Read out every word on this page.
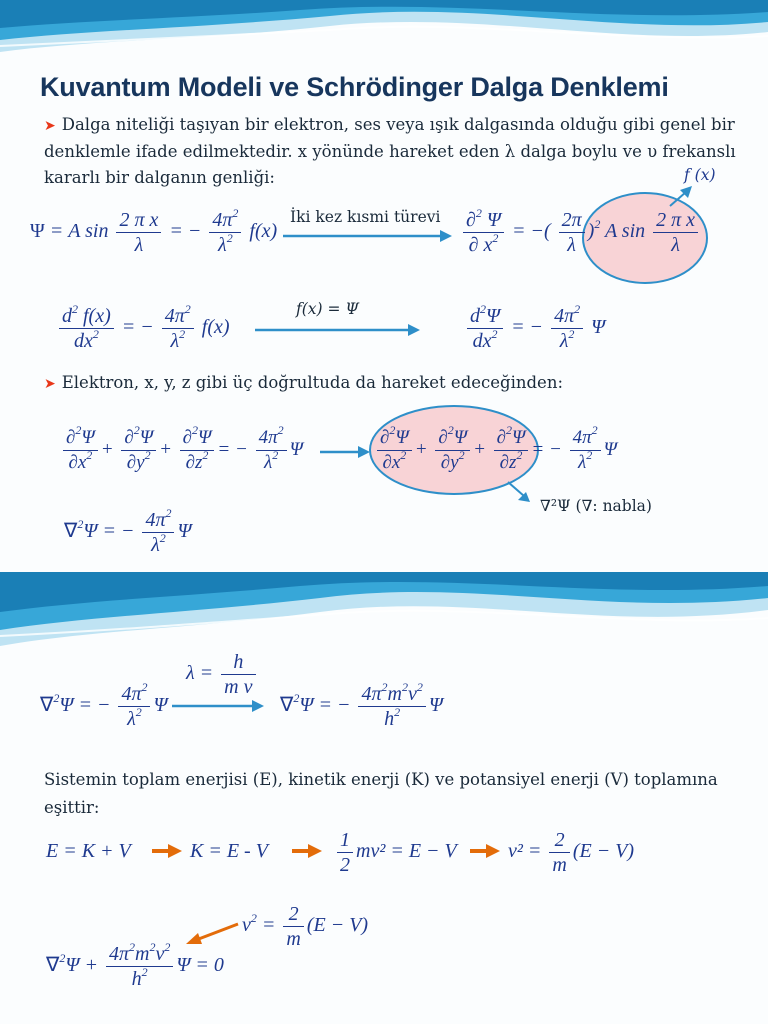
Kuvantum Modeli ve Schrödinger Dalga Denklemi
➤ Dalga niteliği taşıyan bir elektron, ses veya ışık dalgasında olduğu gibi genel bir
denklemle ifade edilmektedir. x yönünde hareket eden λ dalga boylu ve υ frekanslı
kararlı bir dalganın genliği:	f (x)
İki kez kısmi türevi
f(x) = Ψ
Ψ = A $\sin \frac{\text{2 π x}}{\lambda}$ = − $\frac{4\pi^2}{\lambda^2} f(x)$	$\frac{\partial^2 \Psi}{\partial x^2}$ = −( $\frac{2\pi}{\lambda} )^2$ A $\sin \frac{\text{2 π x}}{\lambda}$
$\frac{d^2 f(x)}{dx^2}$ = − $\frac{4\pi^2}{\lambda^2} f(x)$	$\frac{d^2\Psi}{dx^2}$ = − $\frac{4\pi^2}{\lambda^2}$ Ψ
➤ Elektron, x, y, z gibi üç doğrultuda da hareket edeceğinden:
$\frac{\partial^2\Psi}{\partial x^2} + \frac{\partial^2\Psi}{\partial y^2} + \frac{\partial^2\Psi}{\partial z^2}$ = − $\frac{4\pi^2}{\lambda^2}$ Ψ	$\frac{\partial^2\Psi}{\partial x^2} + \frac{\partial^2\Psi}{\partial y^2} + \frac{\partial^2\Psi}{\partial z^2}$ = − $\frac{4\pi^2}{\lambda^2}$ Ψ
∇²Ψ (∇: nabla)
∇$^2$Ψ = − $\frac{4\pi^2}{\lambda^2}$ Ψ
$\lambda = \frac{h}{\text{m v}}$
∇$^2$Ψ = − $\frac{4\pi^2}{\lambda^2}$ Ψ	∇$^2$Ψ = − $\frac{4\pi^2m^2v^2}{h^2}$ Ψ
Sistemin toplam enerjisi (E), kinetik enerji (K) ve potansiyel enerji (V) toplamına
eşittir:
E = K + V	K = E - V	$\frac{1}{2} mv^2 = E - V$	$v^2 = \frac{2}{m} (E - V)$
$v^2 = \frac{2}{m} (E - V)$
$\nabla^2\Psi + \frac{4\pi^2m^2v^2}{h^2}$ Ψ = 0
